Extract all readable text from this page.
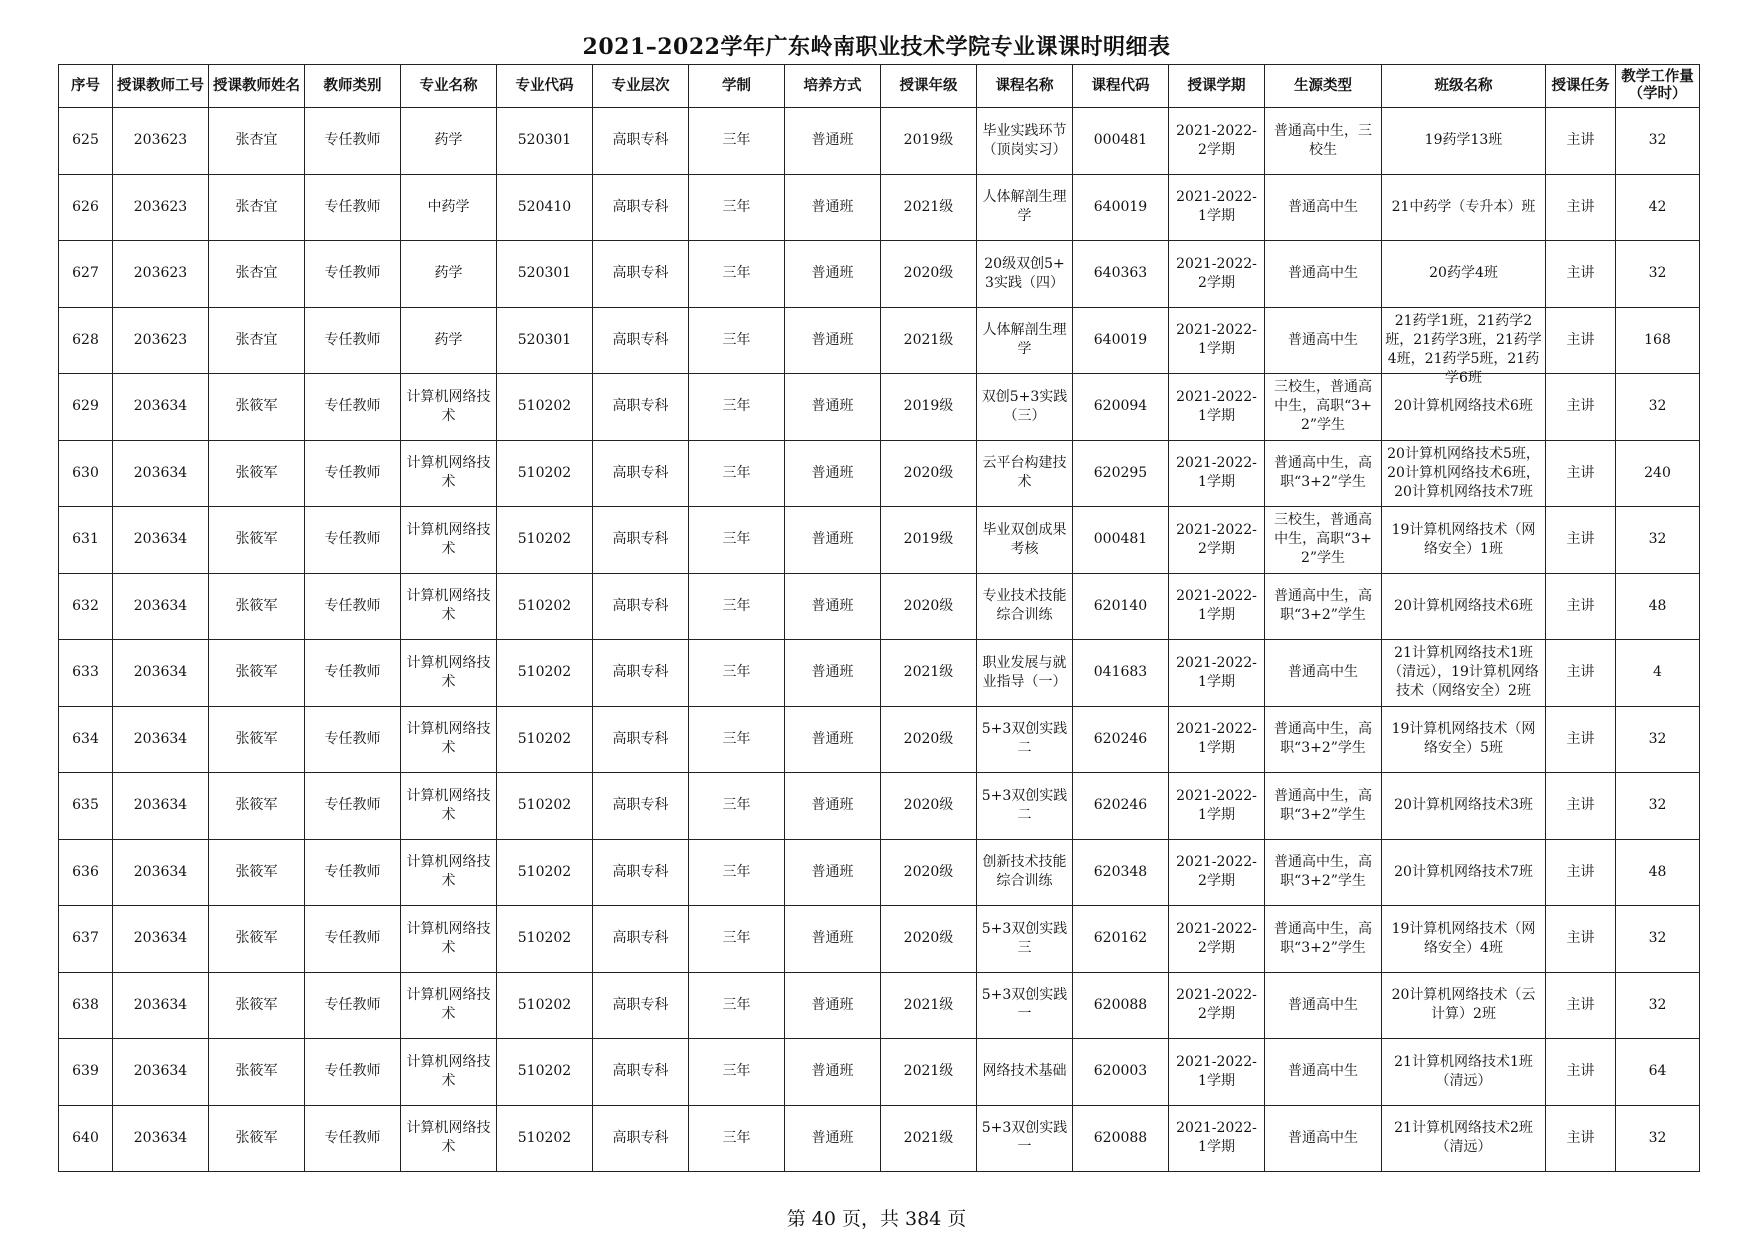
2021–2022学年广东岭南职业技术学院专业课课时明细表
序号	授课教师工号	授课教师姓名	教师类别	专业名称	专业代码	专业层次	学制	培养方式	授课年级	课程名称	课程代码	授课学期	生源类型	班级名称	授课任务	教学工作量（学时）

625	203623	张杏宜	专任教师	药学	520301	高职专科	三年	普通班	2019级	毕业实践环节（顶岗实习）	000481	2021-2022-2学期	普通高中生，三校生	19药学13班	主讲	32

626	203623	张杏宜	专任教师	中药学	520410	高职专科	三年	普通班	2021级	人体解剖生理学	640019	2021-2022-1学期	普通高中生	21中药学（专升本）班	主讲	42

627	203623	张杏宜	专任教师	药学	520301	高职专科	三年	普通班	2020级	20级双创5+3实践（四）	640363	2021-2022-2学期	普通高中生	20药学4班	主讲	32

628	203623	张杏宜	专任教师	药学	520301	高职专科	三年	普通班	2021级	人体解剖生理学	640019	2021-2022-1学期	普通高中生	21药学1班，21药学2班，21药学3班，21药学4班，21药学5班，21药学6班	主讲	168

629	203634	张筱军	专任教师	计算机网络技术	510202	高职专科	三年	普通班	2019级	双创5+3实践（三）	620094	2021-2022-1学期	三校生，普通高中生，高职“3+2”学生	20计算机网络技术6班	主讲	32

630	203634	张筱军	专任教师	计算机网络技术	510202	高职专科	三年	普通班	2020级	云平台构建技术	620295	2021-2022-1学期	普通高中生，高职“3+2”学生	20计算机网络技术5班，20计算机网络技术6班，20计算机网络技术7班	主讲	240

631	203634	张筱军	专任教师	计算机网络技术	510202	高职专科	三年	普通班	2019级	毕业双创成果考核	000481	2021-2022-2学期	三校生，普通高中生，高职“3+2”学生	19计算机网络技术（网络安全）1班	主讲	32

632	203634	张筱军	专任教师	计算机网络技术	510202	高职专科	三年	普通班	2020级	专业技术技能综合训练	620140	2021-2022-1学期	普通高中生，高职“3+2”学生	20计算机网络技术6班	主讲	48

633	203634	张筱军	专任教师	计算机网络技术	510202	高职专科	三年	普通班	2021级	职业发展与就业指导（一）	041683	2021-2022-1学期	普通高中生	21计算机网络技术1班（清远），19计算机网络技术（网络安全）2班	主讲	4

634	203634	张筱军	专任教师	计算机网络技术	510202	高职专科	三年	普通班	2020级	5+3双创实践二	620246	2021-2022-1学期	普通高中生，高职“3+2”学生	19计算机网络技术（网络安全）5班	主讲	32

635	203634	张筱军	专任教师	计算机网络技术	510202	高职专科	三年	普通班	2020级	5+3双创实践二	620246	2021-2022-1学期	普通高中生，高职“3+2”学生	20计算机网络技术3班	主讲	32

636	203634	张筱军	专任教师	计算机网络技术	510202	高职专科	三年	普通班	2020级	创新技术技能综合训练	620348	2021-2022-2学期	普通高中生，高职“3+2”学生	20计算机网络技术7班	主讲	48

637	203634	张筱军	专任教师	计算机网络技术	510202	高职专科	三年	普通班	2020级	5+3双创实践三	620162	2021-2022-2学期	普通高中生，高职“3+2”学生	19计算机网络技术（网络安全）4班	主讲	32

638	203634	张筱军	专任教师	计算机网络技术	510202	高职专科	三年	普通班	2021级	5+3双创实践一	620088	2021-2022-2学期	普通高中生	20计算机网络技术（云计算）2班	主讲	32

639	203634	张筱军	专任教师	计算机网络技术	510202	高职专科	三年	普通班	2021级	网络技术基础	620003	2021-2022-1学期	普通高中生	21计算机网络技术1班（清远）	主讲	64

640	203634	张筱军	专任教师	计算机网络技术	510202	高职专科	三年	普通班	2021级	5+3双创实践一	620088	2021-2022-1学期	普通高中生	21计算机网络技术2班（清远）	主讲	32
第 40 页，共 384 页
